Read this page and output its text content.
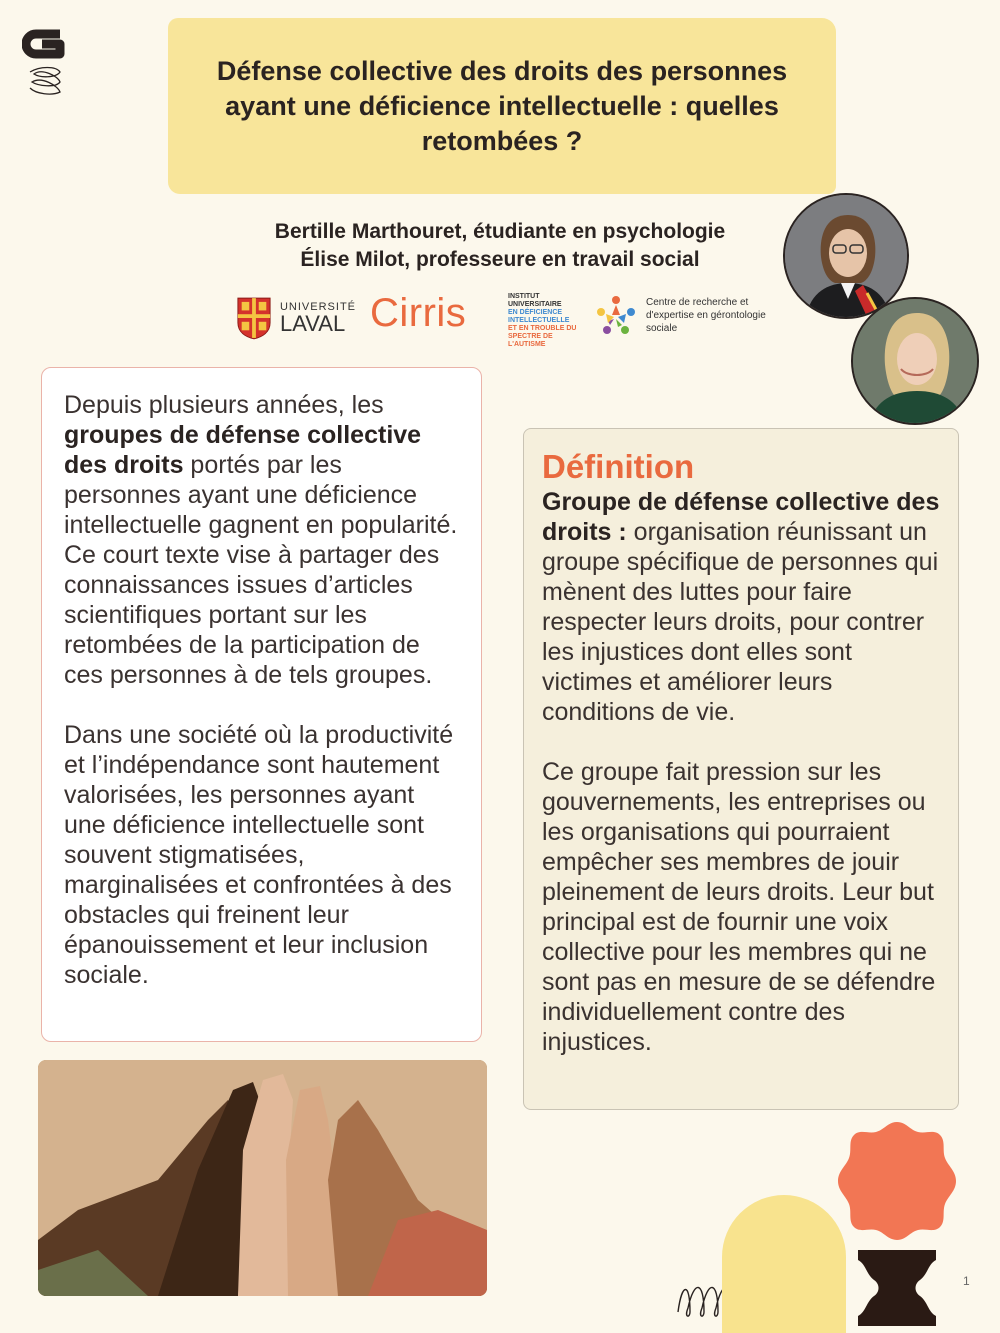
Défense collective des droits des personnes ayant une déficience intellectuelle : quelles retombées ?
Bertille Marthouret, étudiante en psychologie
Élise Milot, professeure en travail social
UNIVERSITÉ
LAVAL Cirris	INSTITUT UNIVERSITAIRE
EN DÉFICIENCE INTELLECTUELLE
ET EN TROUBLE DU SPECTRE DE L'AUTISME
Centre de recherche et d'expertise en gérontologie sociale

Depuis plusieurs années, les groupes de défense collective des droits portés par les personnes ayant une déficience intellectuelle gagnent en popularité. Ce court texte vise à partager des connaissances issues d’articles scientifiques portant sur les retombées de la participation de ces personnes à de tels groupes.

Dans une société où la productivité et l’indépendance sont hautement valorisées, les personnes ayant une déficience intellectuelle sont souvent stigmatisées, marginalisées et confrontées à des obstacles qui freinent leur épanouissement et leur inclusion sociale.

Définition

Groupe de défense collective des droits : organisation réunissant un groupe spécifique de personnes qui mènent des luttes pour faire respecter leurs droits, pour contrer les injustices dont elles sont victimes et améliorer leurs conditions de vie.

Ce groupe fait pression sur les gouvernements, les entreprises ou les organisations qui pourraient empêcher ses membres de jouir pleinement de leurs droits. Leur but principal est de fournir une voix collective pour les membres qui ne sont pas en mesure de se défendre individuellement contre des injustices.

1
